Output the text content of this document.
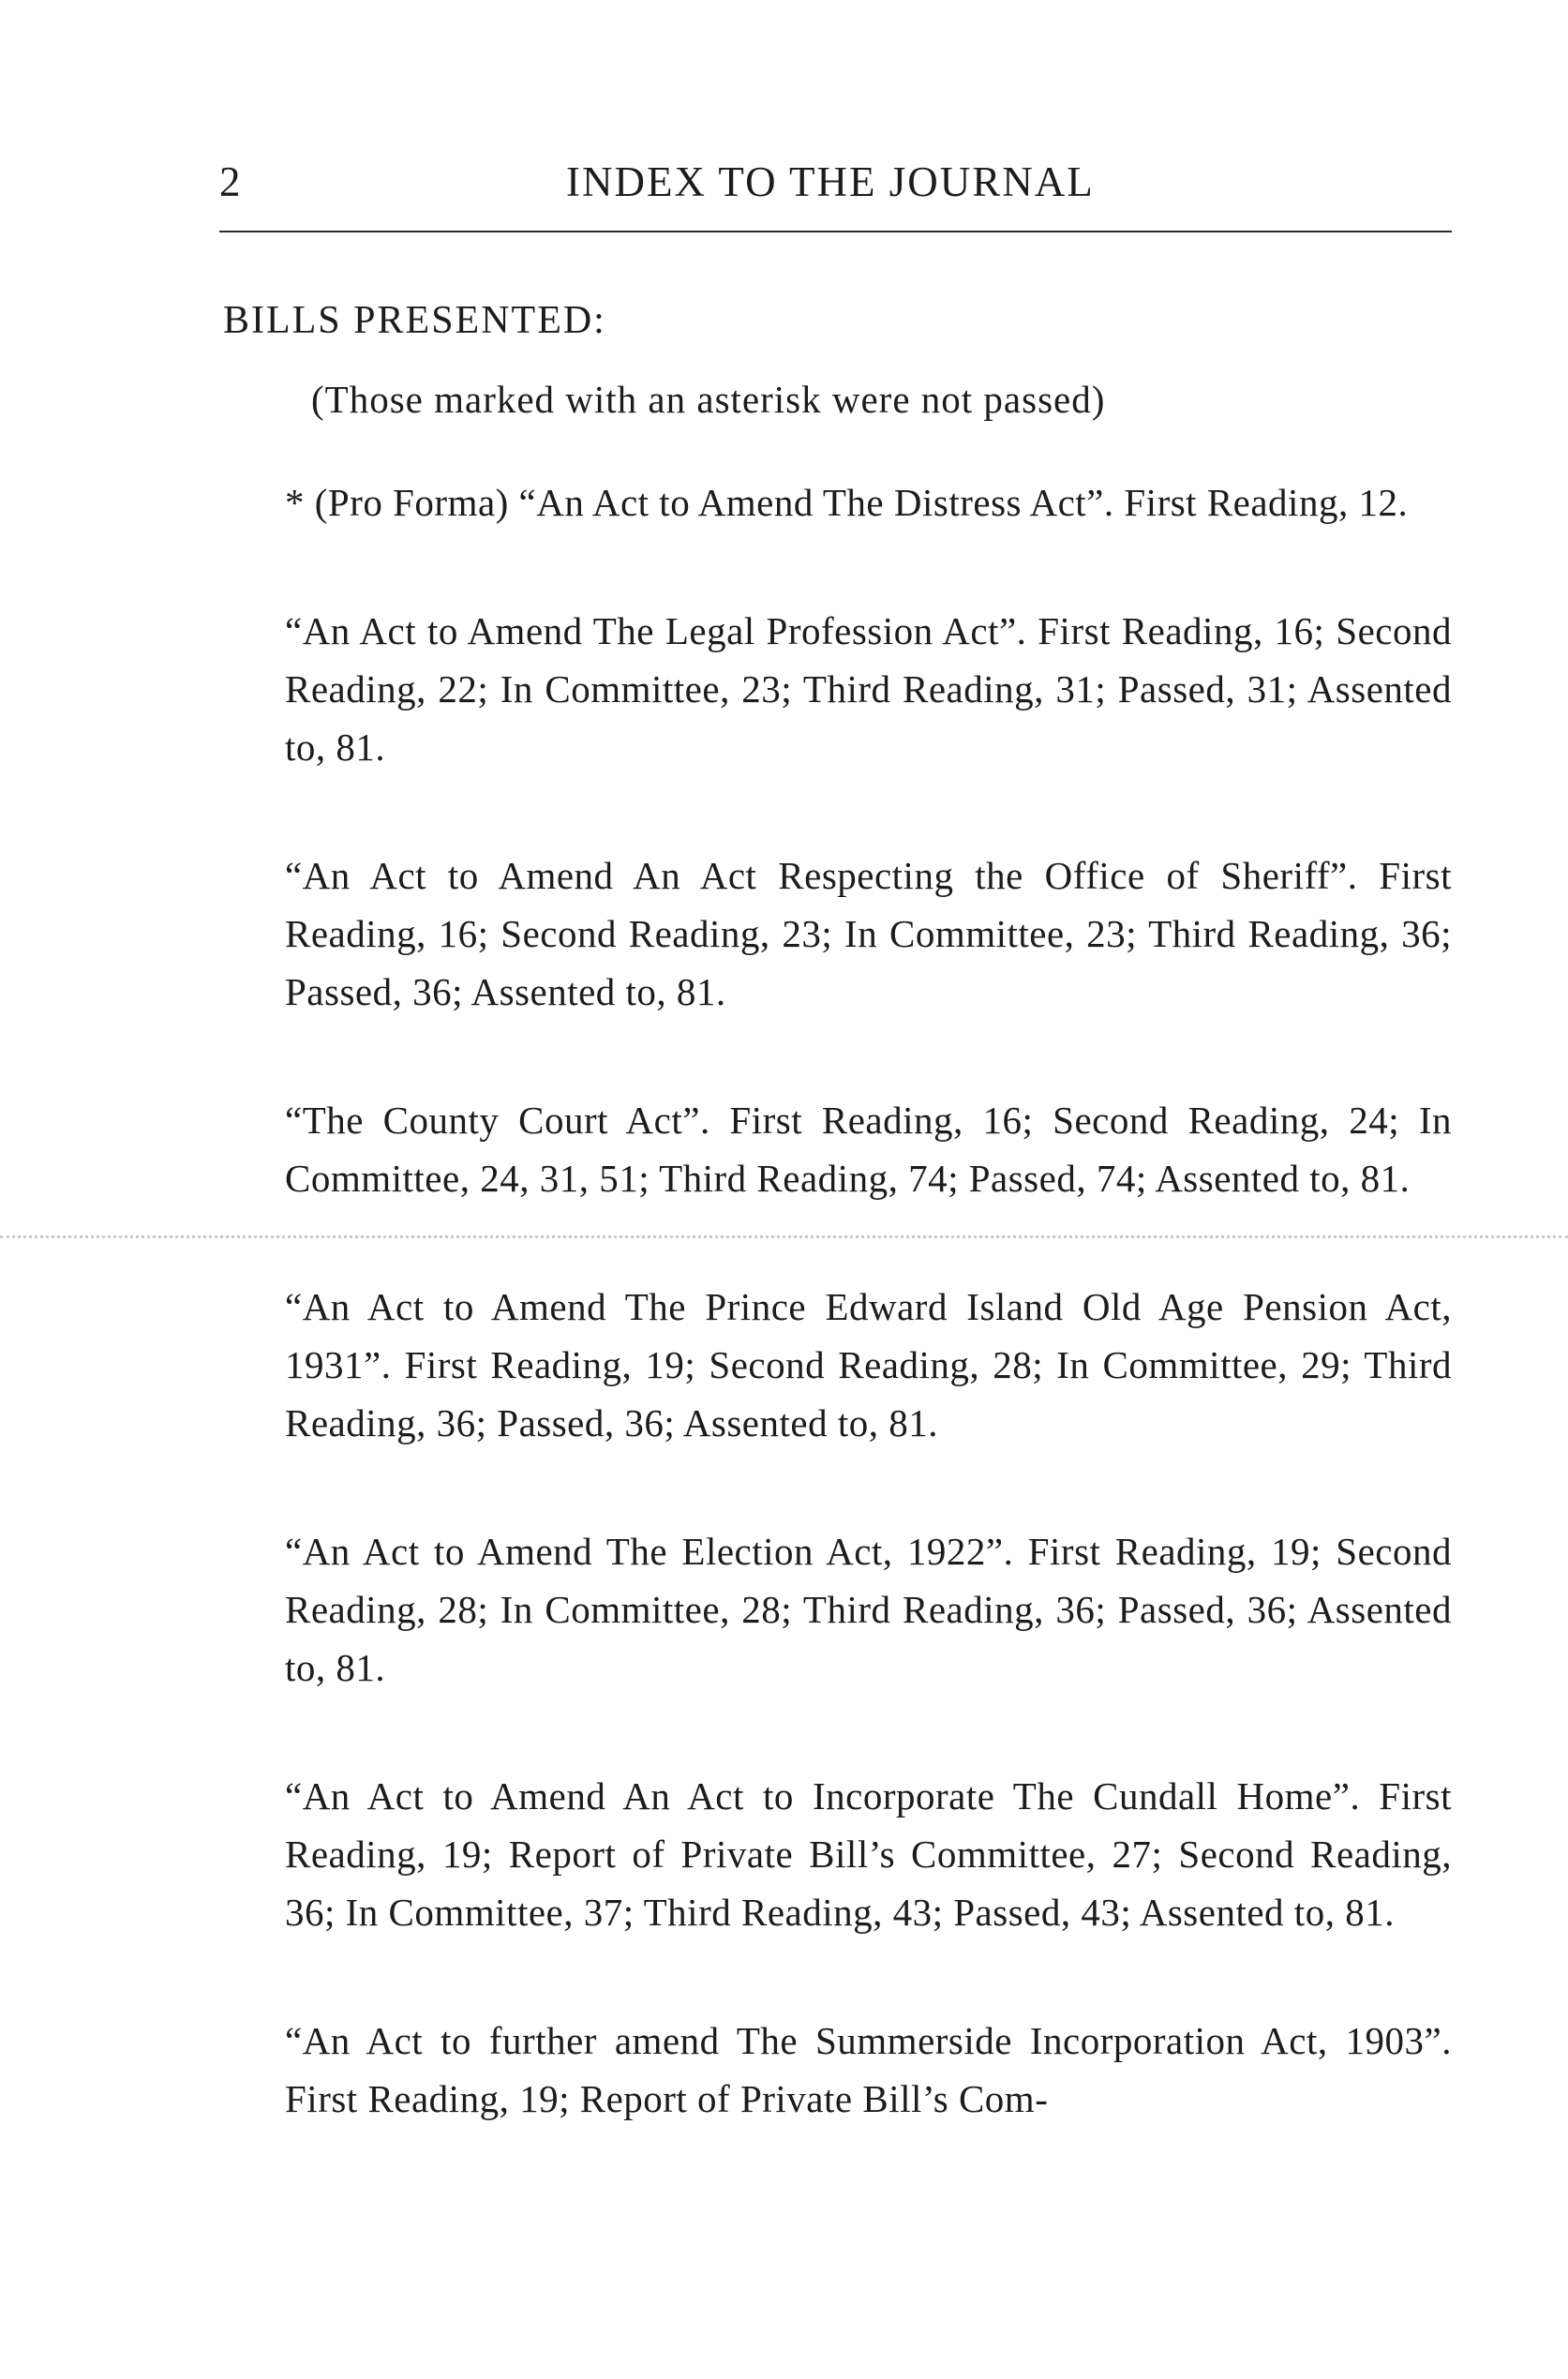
2	INDEX TO THE JOURNAL
BILLS PRESENTED:
(Those marked with an asterisk were not passed)

* (Pro Forma) “An Act to Amend The Distress Act”. First Reading, 12.

“An Act to Amend The Legal Profession Act”. First Reading, 16; Second Reading, 22; In Committee, 23; Third Reading, 31; Passed, 31; Assented to, 81.

“An Act to Amend An Act Respecting the Office of Sheriff”. First Reading, 16; Second Reading, 23; In Committee, 23; Third Reading, 36; Passed, 36; Assented to, 81.

“The County Court Act”. First Reading, 16; Second Reading, 24; In Committee, 24, 31, 51; Third Reading, 74; Passed, 74; Assented to, 81.

“An Act to Amend The Prince Edward Island Old Age Pension Act, 1931”. First Reading, 19; Second Reading, 28; In Committee, 29; Third Reading, 36; Passed, 36; Assented to, 81.

“An Act to Amend The Election Act, 1922”. First Reading, 19; Second Reading, 28; In Committee, 28; Third Reading, 36; Passed, 36; Assented to, 81.

“An Act to Amend An Act to Incorporate The Cundall Home”. First Reading, 19; Report of Private Bill’s Committee, 27; Second Reading, 36; In Committee, 37; Third Reading, 43; Passed, 43; Assented to, 81.

“An Act to further amend The Summerside Incorporation Act, 1903”. First Reading, 19; Report of Private Bill’s Com-
